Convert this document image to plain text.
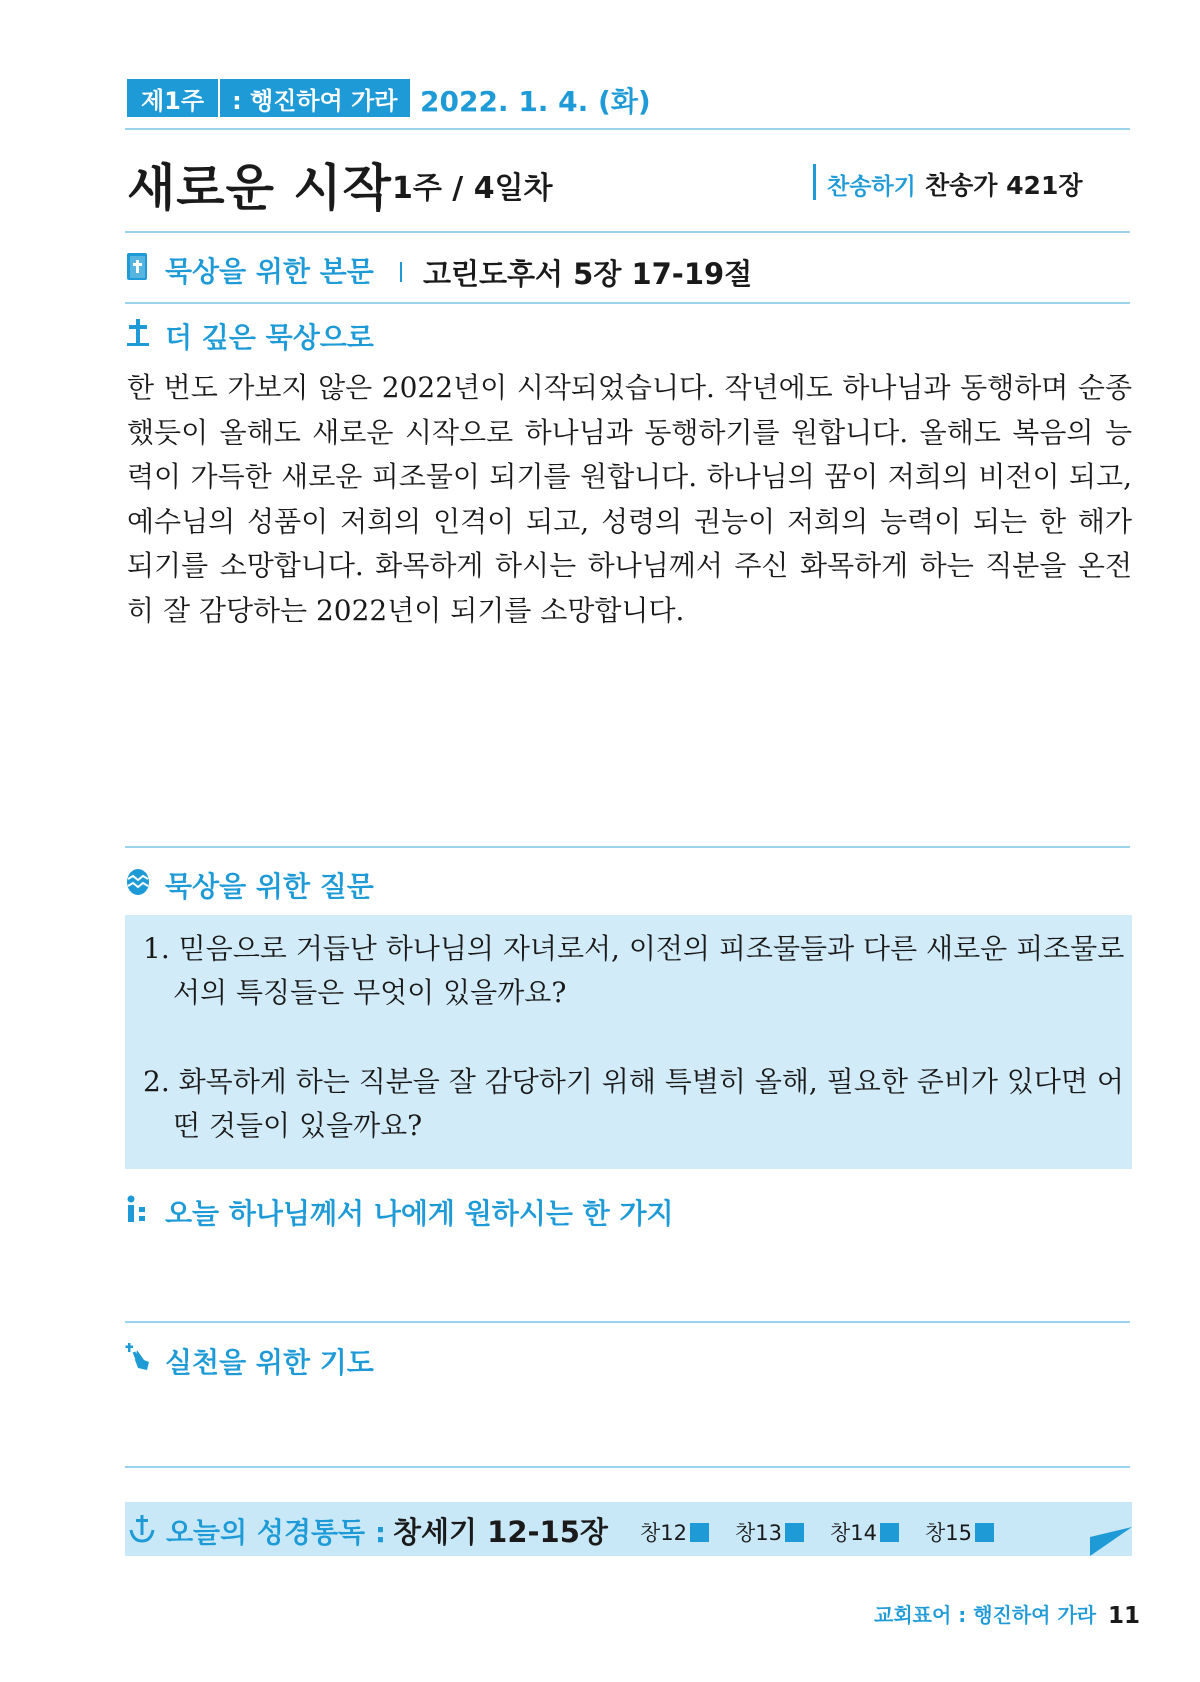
제1주	: 행진하여 가라 2022. 1. 4. (화)
새로운 시작 1주 / 4일차	찬송하기 찬송가 421장
묵상을 위한 본문 고린도후서 5장 17-19절
더 깊은 묵상으로
한 번도 가보지 않은 2022년이 시작되었습니다. 작년에도 하나님과 동행하며 순종했듯이 올해도 새로운 시작으로 하나님과 동행하기를 원합니다. 올해도 복음의 능력이 가득한 새로운 피조물이 되기를 원합니다. 하나님의 꿈이 저희의 비전이 되고, 예수님의 성품이 저희의 인격이 되고, 성령의 권능이 저희의 능력이 되는 한 해가 되기를 소망합니다. 화목하게 하시는 하나님께서 주신 화목하게 하는 직분을 온전히 잘 감당하는 2022년이 되기를 소망합니다.
묵상을 위한 질문
1. 믿음으로 거듭난 하나님의 자녀로서, 이전의 피조물들과 다른 새로운 피조물로서의 특징들은 무엇이 있을까요?
2. 화목하게 하는 직분을 잘 감당하기 위해 특별히 올해, 필요한 준비가 있다면 어떤 것들이 있을까요?
오늘 하나님께서 나에게 원하시는 한 가지
실천을 위한 기도
오늘의 성경통독 : 창세기 12-15장 창12 창13 창14 창15
교회표어 : 행진하여 가라 11
